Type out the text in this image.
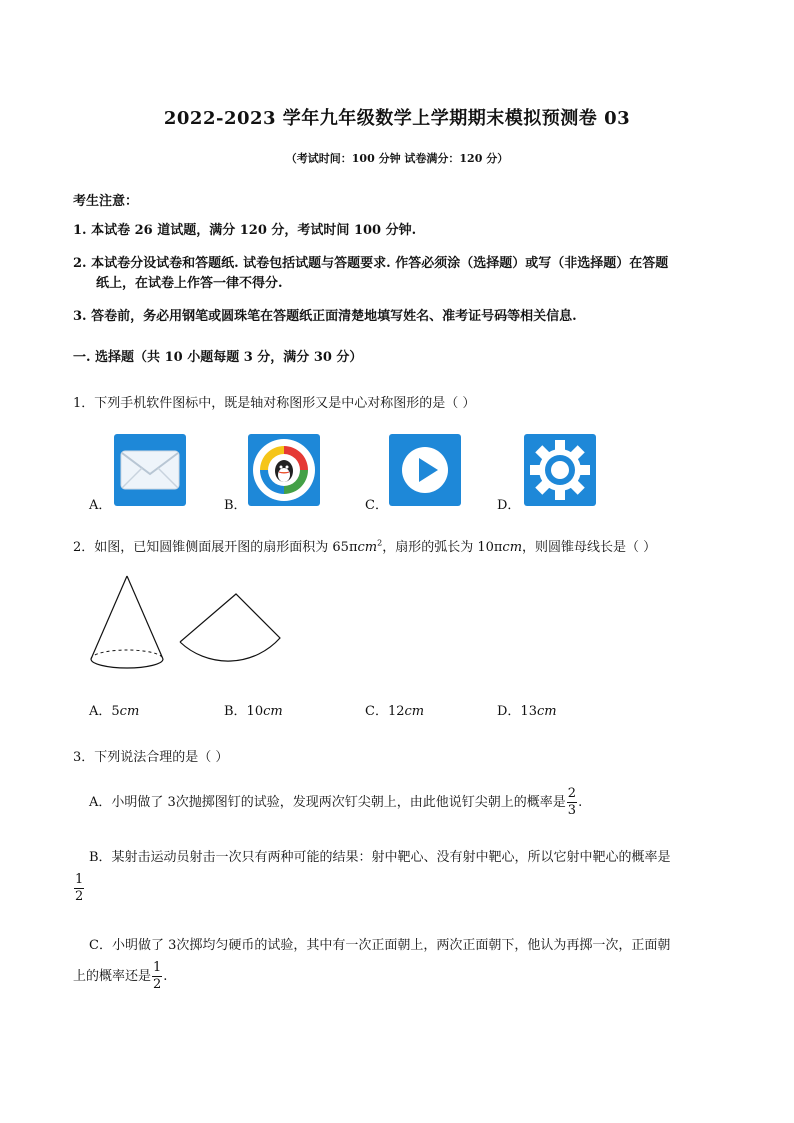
2022-2023 学年九年级数学上学期期末模拟预测卷 03
（考试时间：100 分钟 试卷满分：120 分）
考生注意：
1. 本试卷 26 道试题，满分 120 分，考试时间 100 分钟.
2. 本试卷分设试卷和答题纸. 试卷包括试题与答题要求. 作答必须涂（选择题）或写（非选择题）在答题
纸上，在试卷上作答一律不得分.
3. 答卷前，务必用钢笔或圆珠笔在答题纸正面清楚地填写姓名、准考证号码等相关信息.
一. 选择题（共 10 小题每题 3 分，满分 30 分）
1．下列手机软件图标中，既是轴对称图形又是中心对称图形的是（ ）
A．	B．	C．	D．
2．如图，已知圆锥侧面展开图的扇形面积为 65πcm$^2$，扇形的弧长为 10πcm，则圆锥母线长是（ ）
A．5cm	B．10cm	C．12cm	D．13cm
3．下列说法合理的是（ ）
A．小明做了 3次抛掷图钉的试验，发现两次钉尖朝上，由此他说钉尖朝上的概率是 $\frac{2}{3}$ .
B．某射击运动员射击一次只有两种可能的结果：射中靶心、没有射中靶心，所以它射中靶心的概率是
$\frac{1}{2}$
C．小明做了 3次掷均匀硬币的试验，其中有一次正面朝上，两次正面朝下，他认为再掷一次，正面朝
上的概率还是 $\frac{1}{2}$ .
